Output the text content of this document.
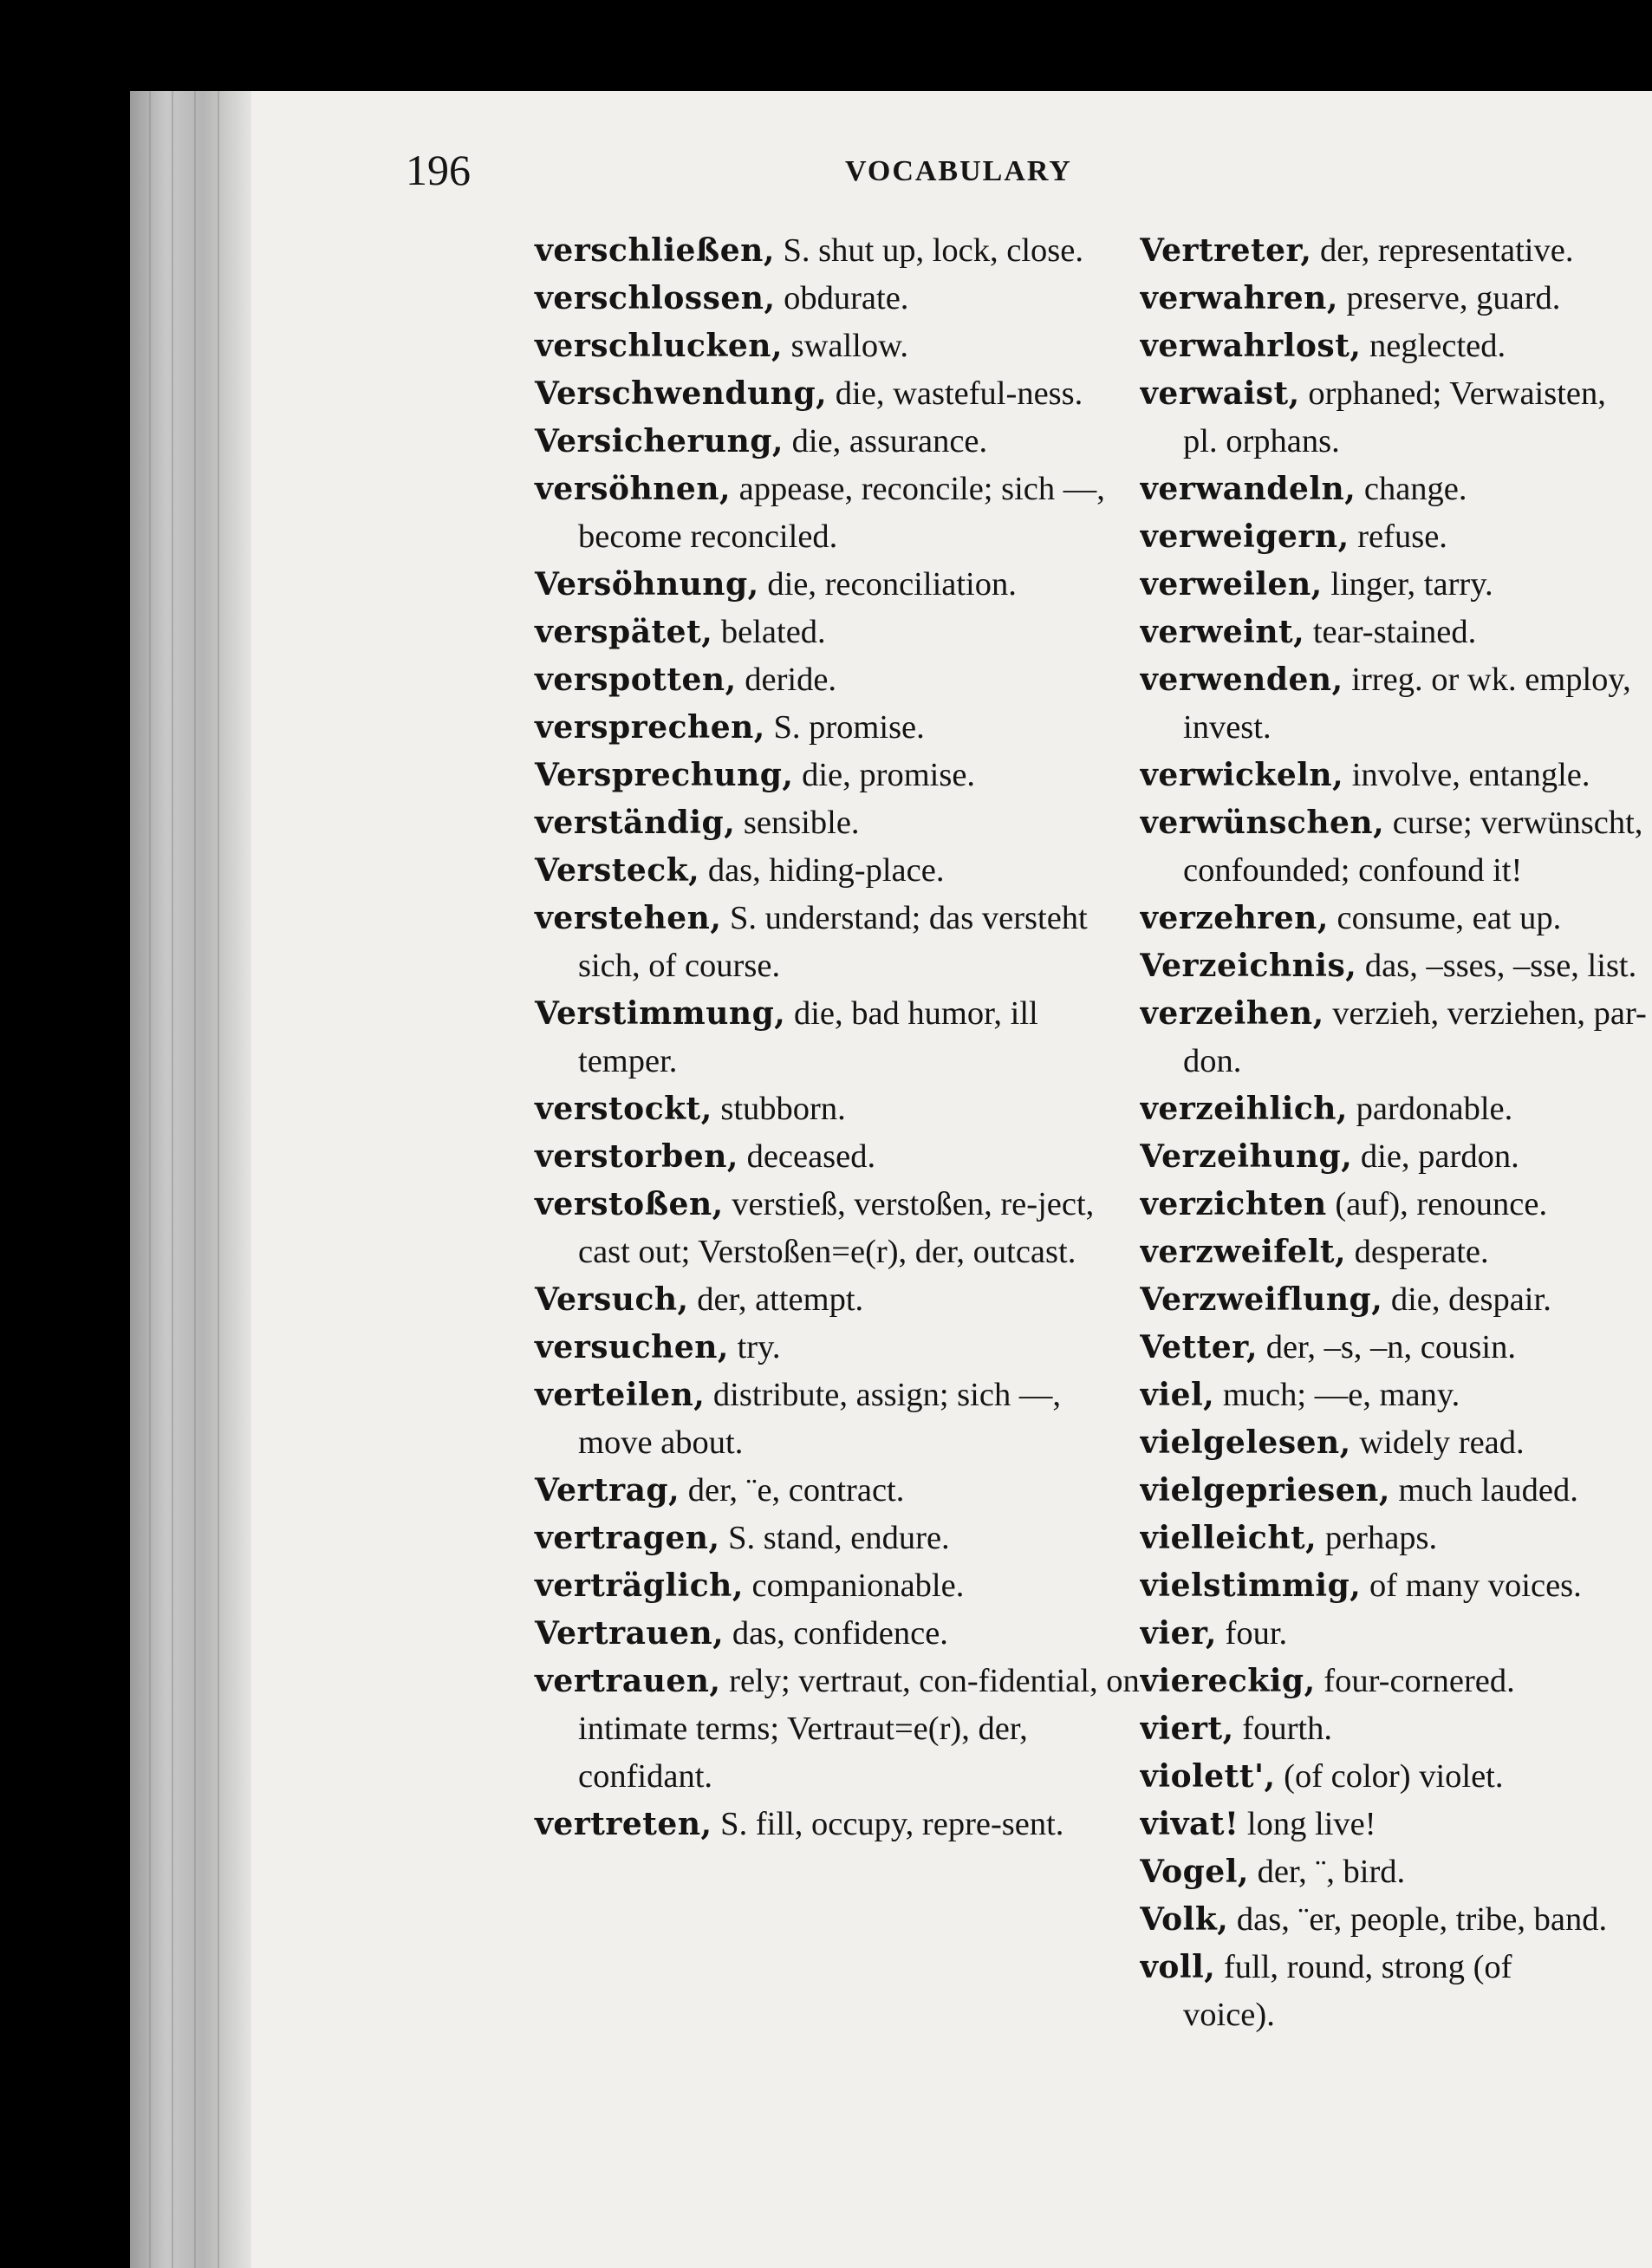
196	VOCABULARY

verschließen, S. shut up, lock, close.

verschlossen, obdurate.

verschlucken, swallow.

Verschwendung, die, wasteful-ness.

Versicherung, die, assurance.

versöhnen, appease, reconcile; sich —, become reconciled.

Versöhnung, die, reconciliation.

verspätet, belated.

verspotten, deride.

versprechen, S. promise.

Versprechung, die, promise.

verständig, sensible.

Versteck, das, hiding-place.

verstehen, S. understand; das versteht sich, of course.

Verstimmung, die, bad humor, ill temper.

verstockt, stubborn.

verstorben, deceased.

verstoßen, verstieß, verstoßen, re-ject, cast out; Verstoßen=e(r), der, outcast.

Versuch, der, attempt.

versuchen, try.

verteilen, distribute, assign; sich —, move about.

Vertrag, der, ¨e, contract.

vertragen, S. stand, endure.

verträglich, companionable.

Vertrauen, das, confidence.

vertrauen, rely; vertraut, con-fidential, on intimate terms; Vertraut=e(r), der, confidant.

vertreten, S. fill, occupy, repre-sent.

Vertreter, der, representative.

verwahren, preserve, guard.

verwahrlost, neglected.

verwaist, orphaned; Verwaisten,
pl. orphans.

verwandeln, change.

verweigern, refuse.

verweilen, linger, tarry.

verweint, tear-stained.

verwenden, irreg. or wk. employ,
invest.

verwickeln, involve, entangle.

verwünschen, curse; verwünscht,
confounded; confound it!

verzehren, consume, eat up.

Verzeichnis, das, –sses, –sse, list.

verzeihen, verzieh, verziehen, par-
don.

verzeihlich, pardonable.

Verzeihung, die, pardon.

verzichten (auf), renounce.

verzweifelt, desperate.

Verzweiflung, die, despair.

Vetter, der, –s, –n, cousin.

viel, much; —e, many.

vielgelesen, widely read.

vielgepriesen, much lauded.

vielleicht, perhaps.

vielstimmig, of many voices.

vier, four.

viereckig, four-cornered.

viert, fourth.

violett', (of color) violet.

vivat! long live!

Vogel, der, ¨, bird.

Volk, das, ¨er, people, tribe, band.

voll, full, round, strong (of
voice).
